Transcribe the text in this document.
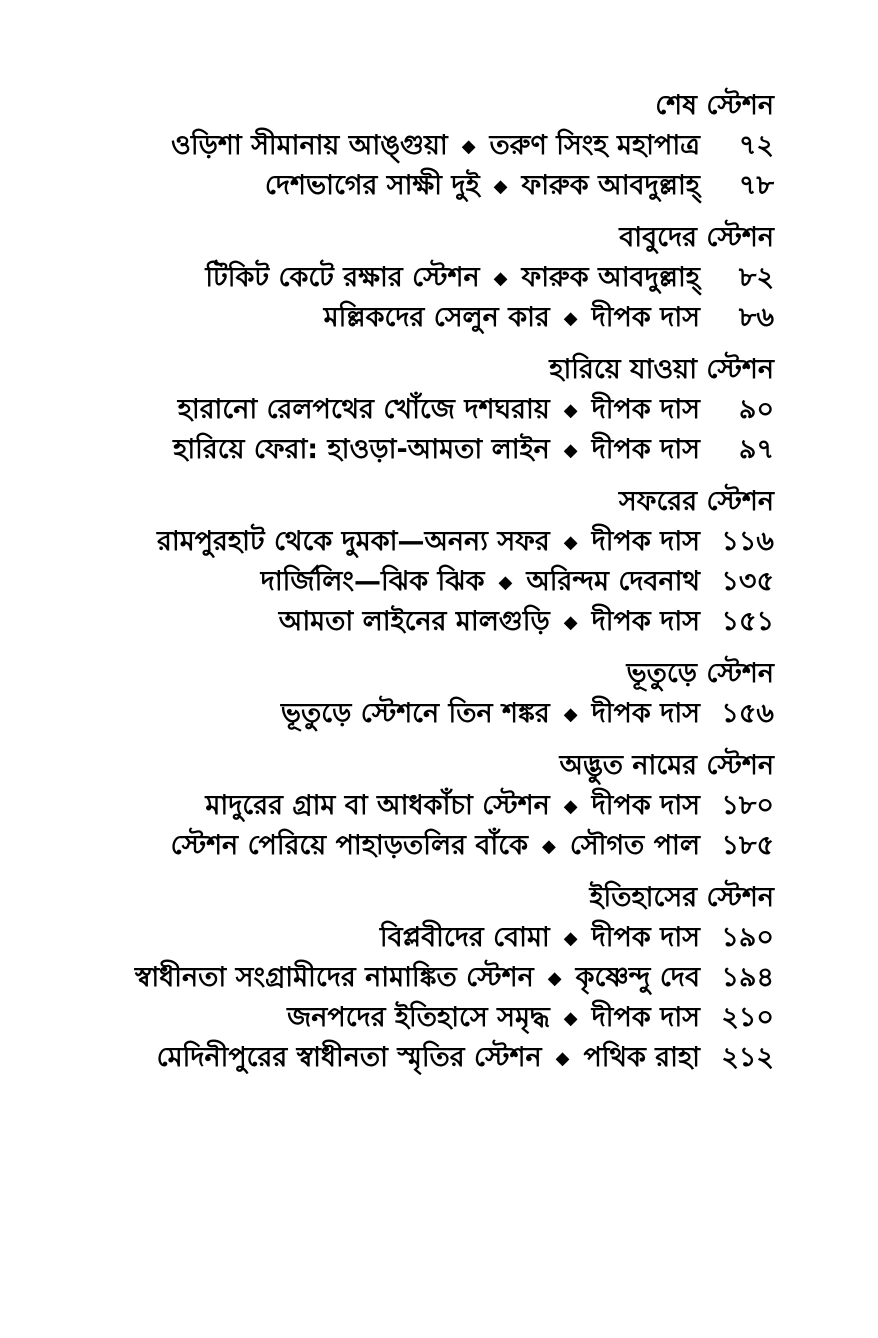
শেষ স্টেশন
ওড়িশা সীমানায় আঙ্গুয়া ◆ তরুণ সিংহ মহাপাত্র	৭২
দেশভাগের সাক্ষী দুই ◆ ফারুক আবদুল্লাহ্	৭৮
বাবুদের স্টেশন
টিকিট কেটে রক্ষার স্টেশন ◆ ফারুক আবদুল্লাহ্	৮২
মল্লিকদের সেলুন কার ◆ দীপক দাস	৮৬
হারিয়ে যাওয়া স্টেশন
হারানো রেলপথের খোঁজে দশঘরায় ◆ দীপক দাস	৯০
হারিয়ে ফেরা: হাওড়া-আমতা লাইন ◆ দীপক দাস	৯৭
সফরের স্টেশন
রামপুরহাট থেকে দুমকা—অনন্য সফর ◆ দীপক দাস ১১৬
দার্জিলিং—ঝিক ঝিক ◆ অরিন্দম দেবনাথ ১৩৫
আমতা লাইনের মালগুড়ি ◆ দীপক দাস ১৫১
ভূতুড়ে স্টেশন
ভূতুড়ে স্টেশনে তিন শঙ্কর ◆ দীপক দাস ১৫৬
অদ্ভুত নামের স্টেশন
মাদুরের গ্রাম বা আধকাঁচা স্টেশন ◆ দীপক দাস ১৮০
স্টেশন পেরিয়ে পাহাড়তলির বাঁকে ◆ সৌগত পাল ১৮৫
ইতিহাসের স্টেশন
বিপ্লবীদের বোমা ◆ দীপক দাস ১৯০
স্বাধীনতা সংগ্রামীদের নামাঙ্কিত স্টেশন ◆ কৃষ্ণেন্দু দেব ১৯৪
জনপদের ইতিহাসে সমৃদ্ধ ◆ দীপক দাস ২১০
মেদিনীপুরের স্বাধীনতা স্মৃতির স্টেশন ◆ পথিক রাহা ২১২
